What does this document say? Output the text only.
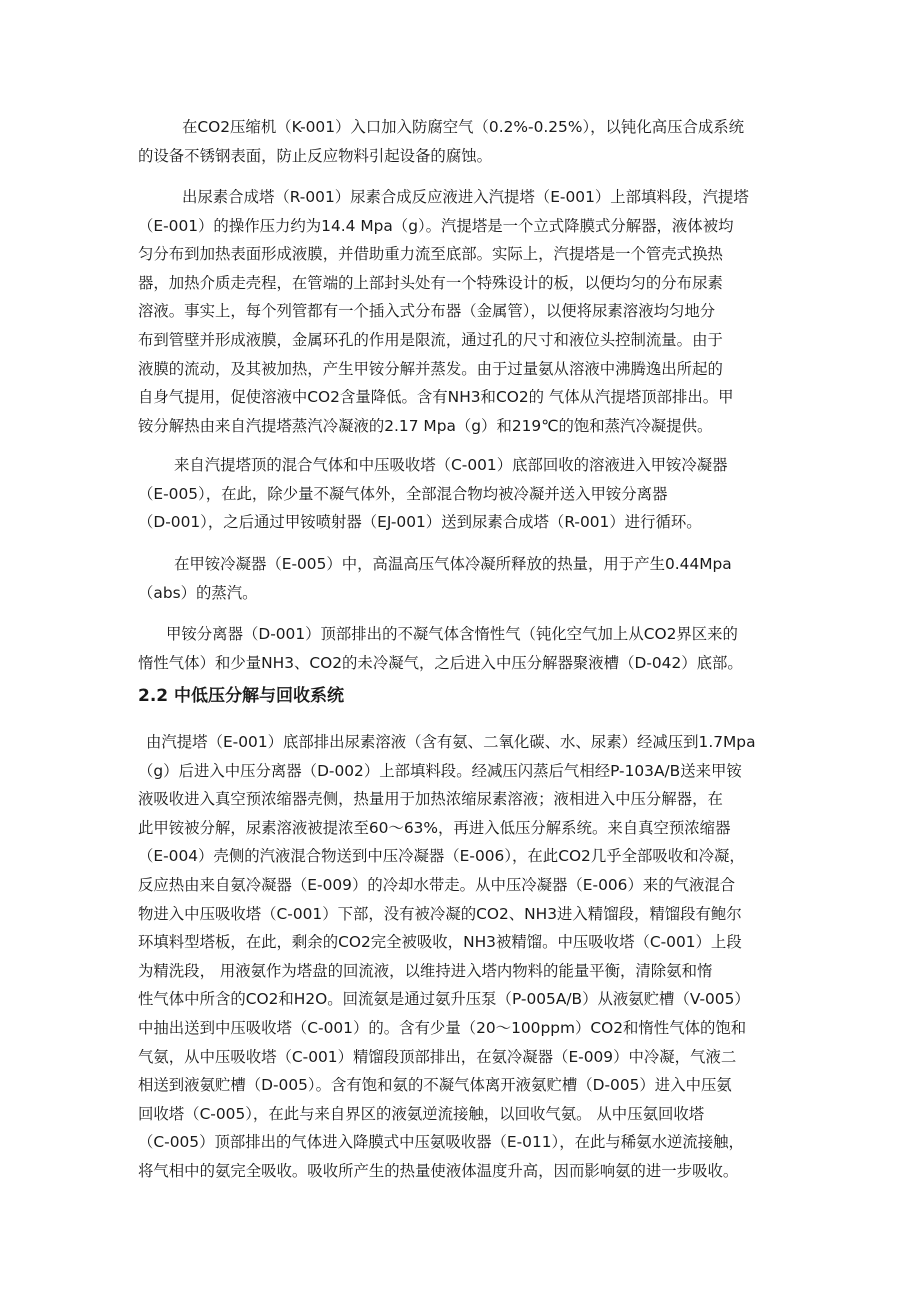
在CO2压缩机（K-001）入口加入防腐空气（0.2%-0.25%），以钝化高压合成系统
的设备不锈钢表面，防止反应物料引起设备的腐蚀。
出尿素合成塔（R-001）尿素合成反应液进入汽提塔（E-001）上部填料段，汽提塔
（E-001）的操作压力约为14.4 Mpa（g）。汽提塔是一个立式降膜式分解器，液体被均
匀分布到加热表面形成液膜，并借助重力流至底部。实际上，汽提塔是一个管壳式换热
器，加热介质走壳程，在管端的上部封头处有一个特殊设计的板，以便均匀的分布尿素
溶液。事实上，每个列管都有一个插入式分布器（金属管），以便将尿素溶液均匀地分
布到管壁并形成液膜，金属环孔的作用是限流，通过孔的尺寸和液位头控制流量。由于
液膜的流动，及其被加热，产生甲铵分解并蒸发。由于过量氨从溶液中沸腾逸出所起的
自身气提用，促使溶液中CO2含量降低。含有NH3和CO2的 气体从汽提塔顶部排出。甲
铵分解热由来自汽提塔蒸汽冷凝液的2.17 Mpa（g）和219℃的饱和蒸汽冷凝提供。
来自汽提塔顶的混合气体和中压吸收塔（C-001）底部回收的溶液进入甲铵冷凝器
（E-005），在此，除少量不凝气体外，全部混合物均被冷凝并送入甲铵分离器
（D-001），之后通过甲铵喷射器（EJ-001）送到尿素合成塔（R-001）进行循环。
在甲铵冷凝器（E-005）中，高温高压气体冷凝所释放的热量，用于产生0.44Mpa
（abs）的蒸汽。
甲铵分离器（D-001）顶部排出的不凝气体含惰性气（钝化空气加上从CO2界区来的
惰性气体）和少量NH3、CO2的未冷凝气，之后进入中压分解器聚液槽（D-042）底部。
2.2 中低压分解与回收系统
由汽提塔（E-001）底部排出尿素溶液（含有氨、二氧化碳、水、尿素）经减压到1.7Mpa
（g）后进入中压分离器（D-002）上部填料段。经减压闪蒸后气相经P-103A/B送来甲铵
液吸收进入真空预浓缩器壳侧，热量用于加热浓缩尿素溶液；液相进入中压分解器，在
此甲铵被分解，尿素溶液被提浓至60～63%，再进入低压分解系统。来自真空预浓缩器
（E-004）壳侧的汽液混合物送到中压冷凝器（E-006），在此CO2几乎全部吸收和冷凝，
反应热由来自氨冷凝器（E-009）的冷却水带走。从中压冷凝器（E-006）来的气液混合
物进入中压吸收塔（C-001）下部，没有被冷凝的CO2、NH3进入精馏段，精馏段有鲍尔
环填料型塔板，在此，剩余的CO2完全被吸收，NH3被精馏。中压吸收塔（C-001）上段
为精洗段， 用液氨作为塔盘的回流液，以维持进入塔内物料的能量平衡，清除氨和惰
性气体中所含的CO2和H2O。回流氨是通过氨升压泵（P-005A/B）从液氨贮槽（V-005）
中抽出送到中压吸收塔（C-001）的。含有少量（20～100ppm）CO2和惰性气体的饱和
气氨，从中压吸收塔（C-001）精馏段顶部排出，在氨冷凝器（E-009）中冷凝，气液二
相送到液氨贮槽（D-005）。含有饱和氨的不凝气体离开液氨贮槽（D-005）进入中压氨
回收塔（C-005），在此与来自界区的液氨逆流接触，以回收气氨。 从中压氨回收塔
（C-005）顶部排出的气体进入降膜式中压氨吸收器（E-011），在此与稀氨水逆流接触，
将气相中的氨完全吸收。吸收所产生的热量使液体温度升高，因而影响氨的进一步吸收。
